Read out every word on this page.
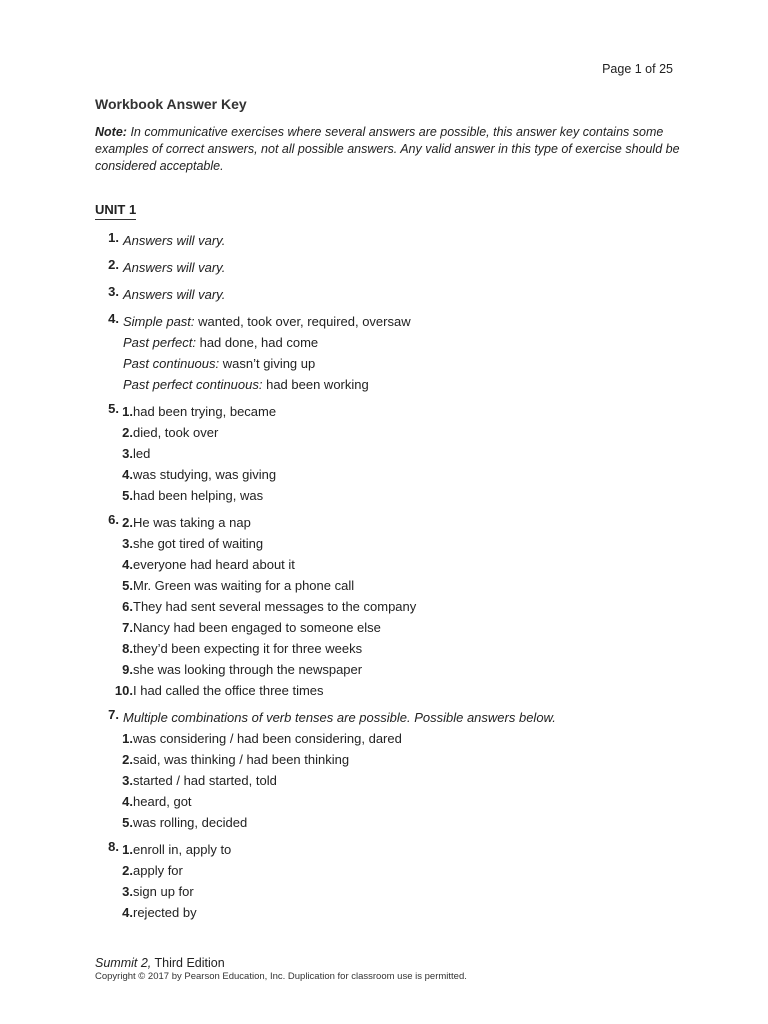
Page 1 of 25
Workbook Answer Key
Note: In communicative exercises where several answers are possible, this answer key contains some examples of correct answers, not all possible answers. Any valid answer in this type of exercise should be considered acceptable.
UNIT 1
1. Answers will vary.
2. Answers will vary.
3. Answers will vary.
4. Simple past: wanted, took over, required, oversaw
Past perfect: had done, had come
Past continuous: wasn’t giving up
Past perfect continuous: had been working
5. 1. had been trying, became
2. died, took over
3. led
4. was studying, was giving
5. had been helping, was
6. 2. He was taking a nap
3. she got tired of waiting
4. everyone had heard about it
5. Mr. Green was waiting for a phone call
6. They had sent several messages to the company
7. Nancy had been engaged to someone else
8. they’d been expecting it for three weeks
9. she was looking through the newspaper
10. I had called the office three times
7. Multiple combinations of verb tenses are possible. Possible answers below.
1. was considering / had been considering, dared
2. said, was thinking / had been thinking
3. started / had started, told
4. heard, got
5. was rolling, decided
8. 1. enroll in, apply to
2. apply for
3. sign up for
4. rejected by
Summit 2, Third Edition
Copyright © 2017 by Pearson Education, Inc. Duplication for classroom use is permitted.
